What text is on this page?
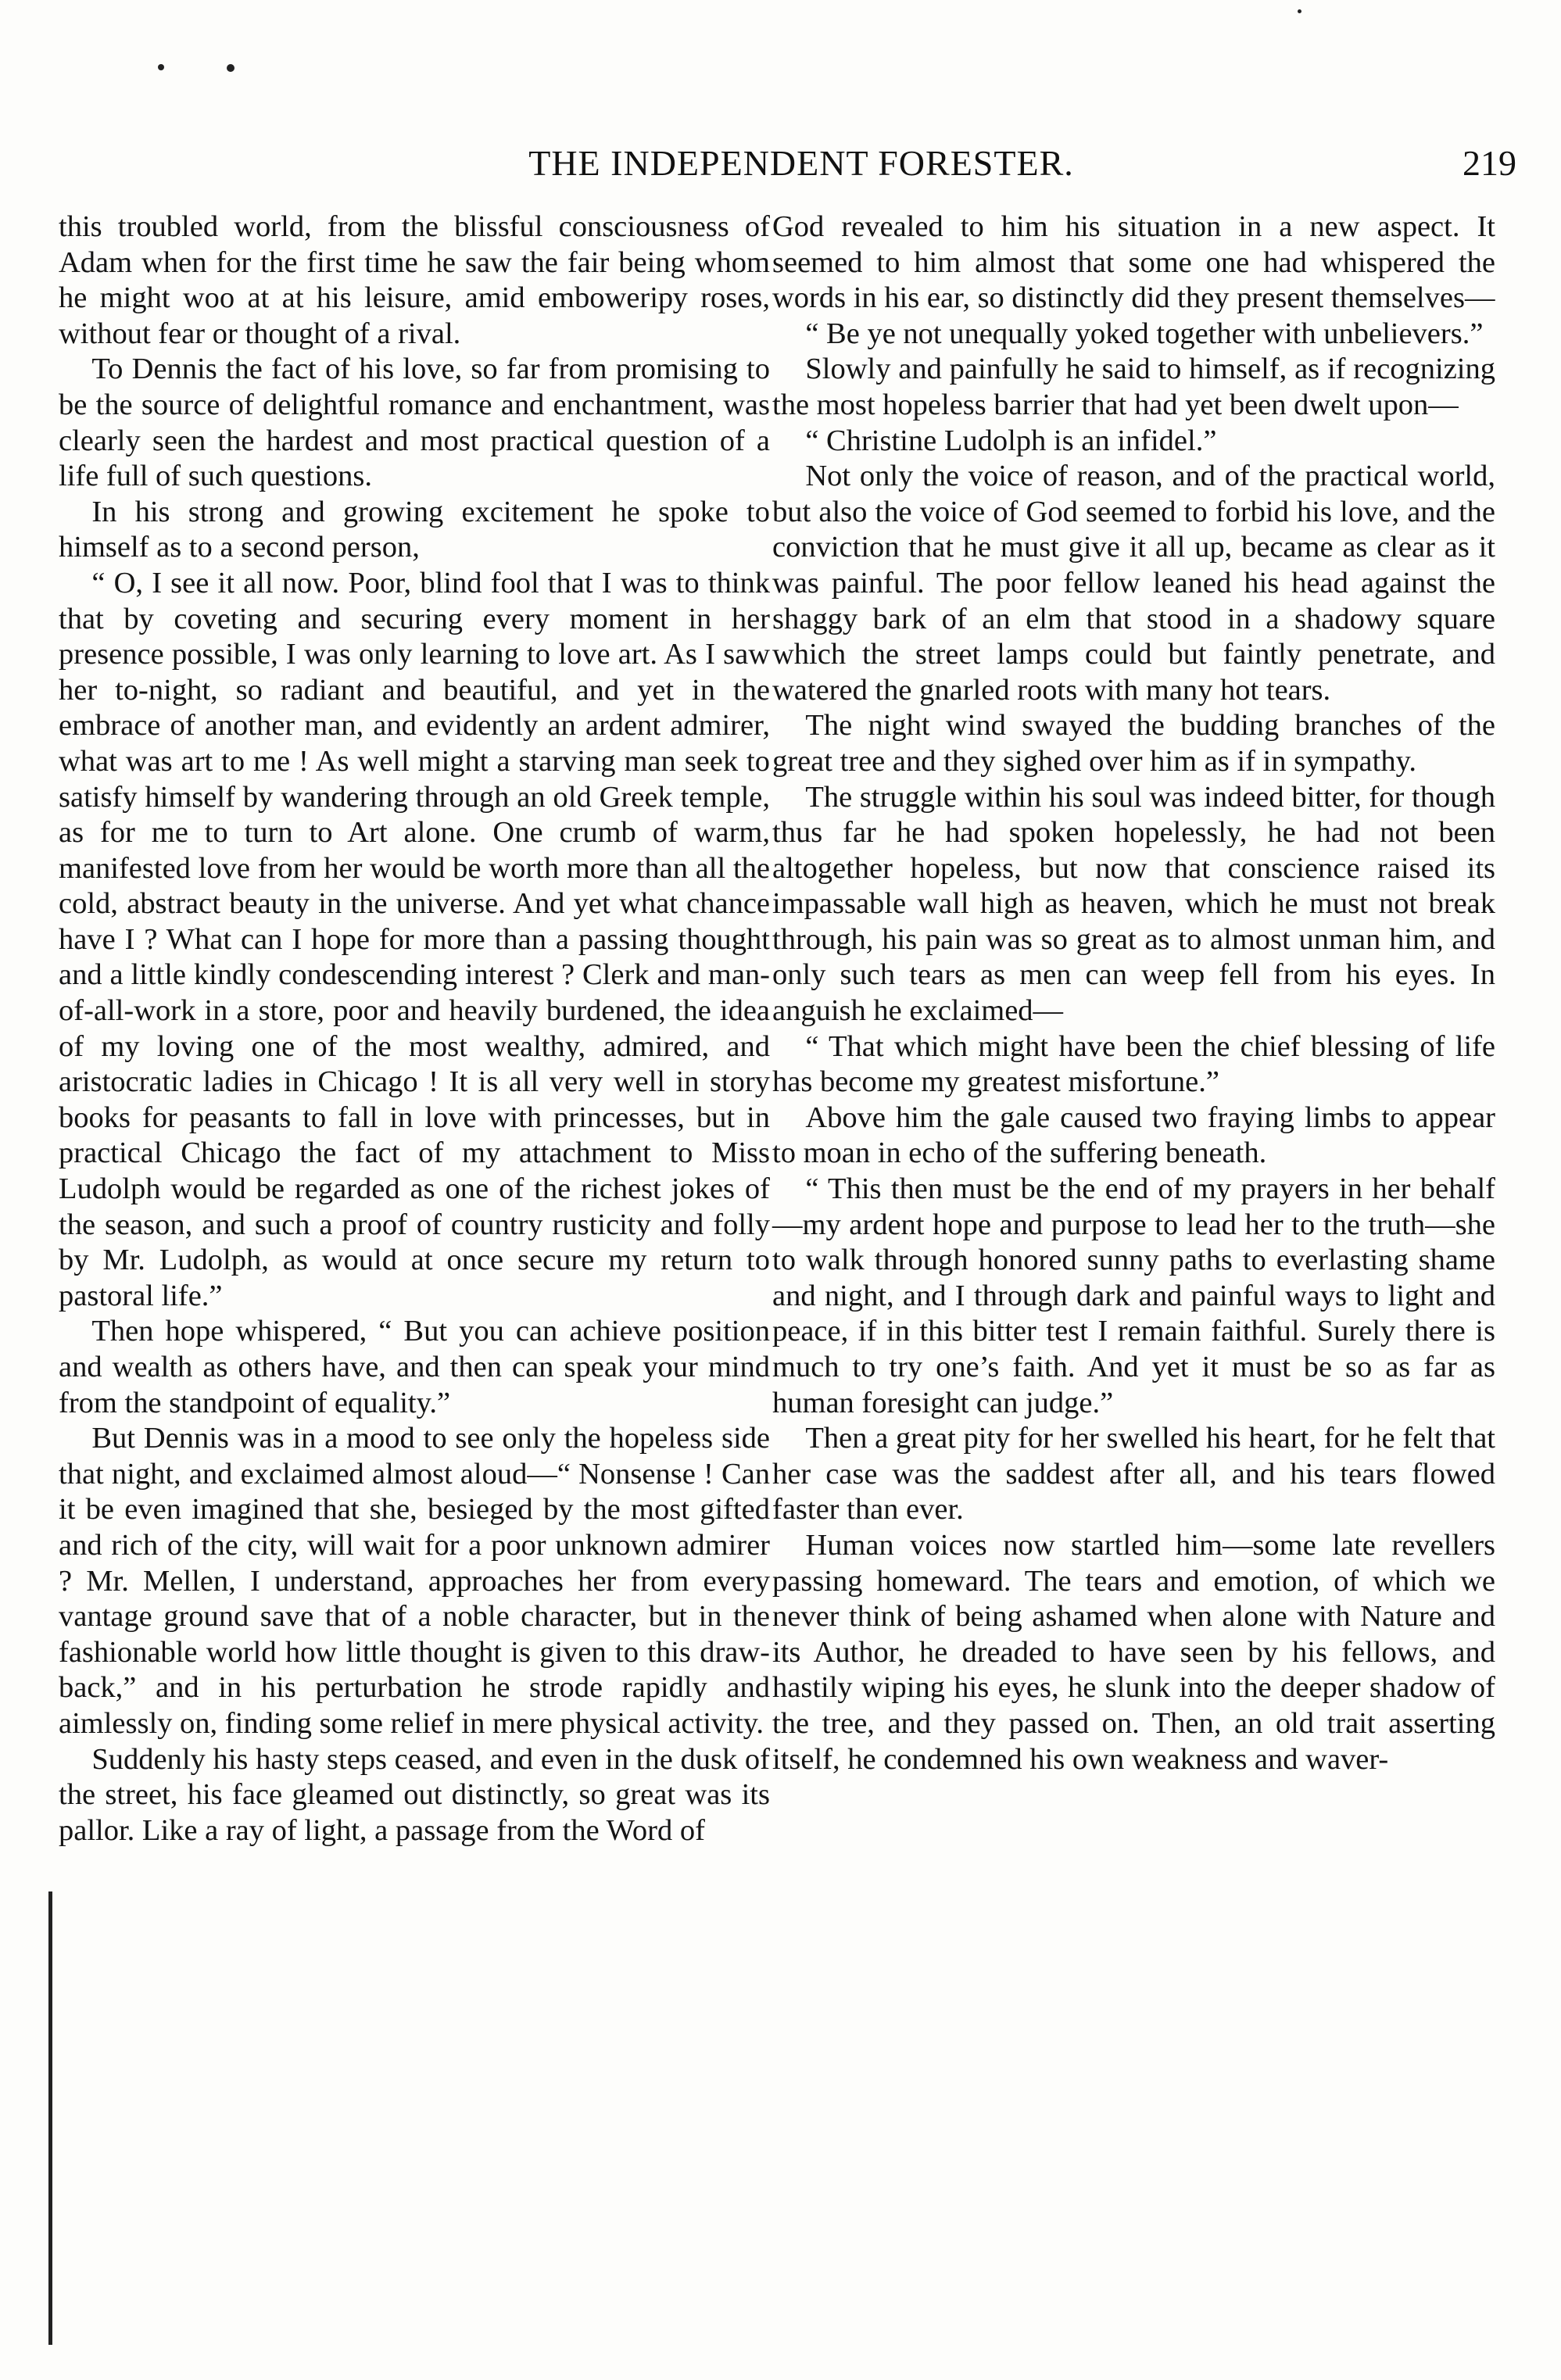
THE INDEPENDENT FORESTER.	219

this troubled world, from the blissful consciousness of Adam when for the first time he saw the fair being whom he might woo at at his leisure, amid emboweriру roses, without fear or thought of a rival.

To Dennis the fact of his love, so far from promising to be the source of delightful romance and enchantment, was clearly seen the hardest and most practical question of a life full of such questions.

In his strong and growing excitement he spoke to himself as to a second person,

“ O, I see it all now. Poor, blind fool that I was to think that by coveting and securing every moment in her presence possible, I was only learning to love art. As I saw her to-night, so radiant and beautiful, and yet in the embrace of another man, and evidently an ardent admirer, what was art to me ! As well might a starving man seek to satisfy himself by wandering through an old Greek temple, as for me to turn to Art alone. One crumb of warm, manifested love from her would be worth more than all the cold, abstract beauty in the universe. And yet what chance have I ? What can I hope for more than a passing thought and a little kindly condescending interest ? Clerk and man-of-all-work in a store, poor and heavily burdened, the idea of my loving one of the most wealthy, admired, and aristocratic ladies in Chicago ! It is all very well in story books for peasants to fall in love with princesses, but in practical Chicago the fact of my attachment to Miss Ludolph would be regarded as one of the richest jokes of the season, and such a proof of country rusticity and folly by Mr. Ludolph, as would at once secure my return to pastoral life.”

Then hope whispered, “ But you can achieve position and wealth as others have, and then can speak your mind from the standpoint of equality.”

But Dennis was in a mood to see only the hopeless side that night, and exclaimed almost aloud—“ Nonsense ! Can it be even imagined that she, besieged by the most gifted and rich of the city, will wait for a poor unknown admirer ? Mr. Mellen, I understand, approaches her from every vantage ground save that of a noble character, but in the fashionable world how little thought is given to this draw-back,” and in his perturbation he strode rapidly and aimlessly on, finding some relief in mere physical activity.

Suddenly his hasty steps ceased, and even in the dusk of the street, his face gleamed out distinctly, so great was its pallor. Like a ray of light, a passage from the Word of

God revealed to him his situation in a new aspect. It seemed to him almost that some one had whispered the words in his ear, so distinctly did they present themselves—

“ Be ye not unequally yoked together with unbelievers.”

Slowly and painfully he said to himself, as if recognizing the most hopeless barrier that had yet been dwelt upon—

“ Christine Ludolph is an infidel.”

Not only the voice of reason, and of the practical world, but also the voice of God seemed to forbid his love, and the conviction that he must give it all up, became as clear as it was painful. The poor fellow leaned his head against the shaggy bark of an elm that stood in a shadowy square which the street lamps could but faintly penetrate, and watered the gnarled roots with many hot tears.

The night wind swayed the budding branches of the great tree and they sighed over him as if in sympathy.

The struggle within his soul was indeed bitter, for though thus far he had spoken hopelessly, he had not been altogether hopeless, but now that conscience raised its impassable wall high as heaven, which he must not break through, his pain was so great as to almost unman him, and only such tears as men can weep fell from his eyes. In anguish he exclaimed—

“ That which might have been the chief blessing of life has become my greatest misfortune.”

Above him the gale caused two fraying limbs to appear to moan in echo of the suffering beneath.

“ This then must be the end of my prayers in her behalf—my ardent hope and purpose to lead her to the truth—she to walk through honored sunny paths to everlasting shame and night, and I through dark and painful ways to light and peace, if in this bitter test I remain faithful. Surely there is much to try one’s faith. And yet it must be so as far as human foresight can judge.”

Then a great pity for her swelled his heart, for he felt that her case was the saddest after all, and his tears flowed faster than ever.

Human voices now startled him—some late revellers passing homeward. The tears and emotion, of which we never think of being ashamed when alone with Nature and its Author, he dreaded to have seen by his fellows, and hastily wiping his eyes, he slunk into the deeper shadow of the tree, and they passed on. Then, an old trait asserting itself, he condemned his own weakness and waver-
